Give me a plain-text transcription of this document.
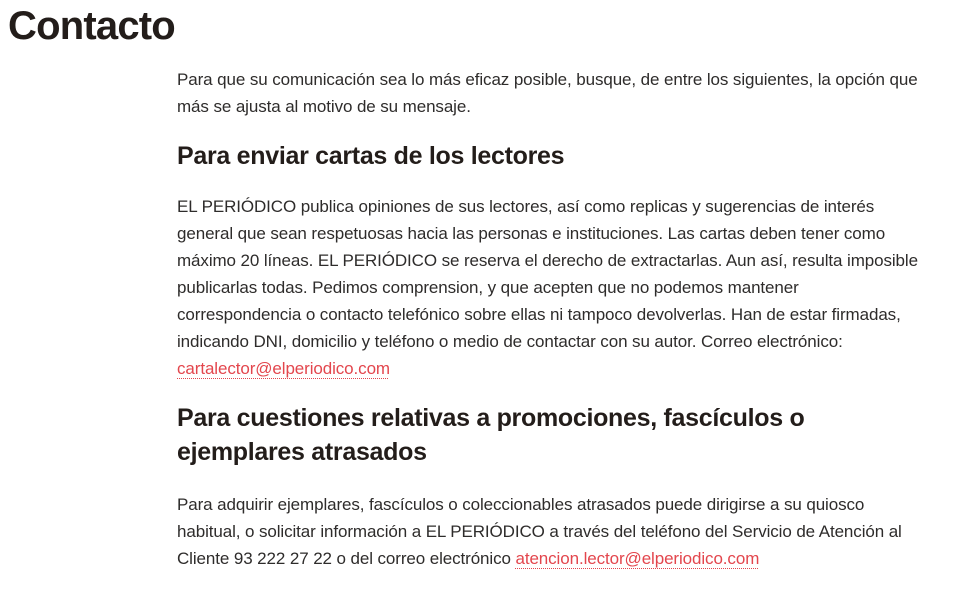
Contacto

Para que su comunicación sea lo más eficaz posible, busque, de entre los siguientes, la opción que más se ajusta al motivo de su mensaje.

Para enviar cartas de los lectores

EL PERIÓDICO publica opiniones de sus lectores, así como replicas y sugerencias de interés general que sean respetuosas hacia las personas e instituciones. Las cartas deben tener como máximo 20 líneas. EL PERIÓDICO se reserva el derecho de extractarlas. Aun así, resulta imposible publicarlas todas. Pedimos comprension, y que acepten que no podemos mantener correspondencia o contacto telefónico sobre ellas ni tampoco devolverlas. Han de estar firmadas, indicando DNI, domicilio y teléfono o medio de contactar con su autor. Correo electrónico: cartalector@elperiodico.com

Para cuestiones relativas a promociones, fascículos o ejemplares atrasados

Para adquirir ejemplares, fascículos o coleccionables atrasados puede dirigirse a su quiosco habitual, o solicitar información a EL PERIÓDICO a través del teléfono del Servicio de Atención al Cliente 93 222 27 22 o del correo electrónico atencion.lector@elperiodico.com
